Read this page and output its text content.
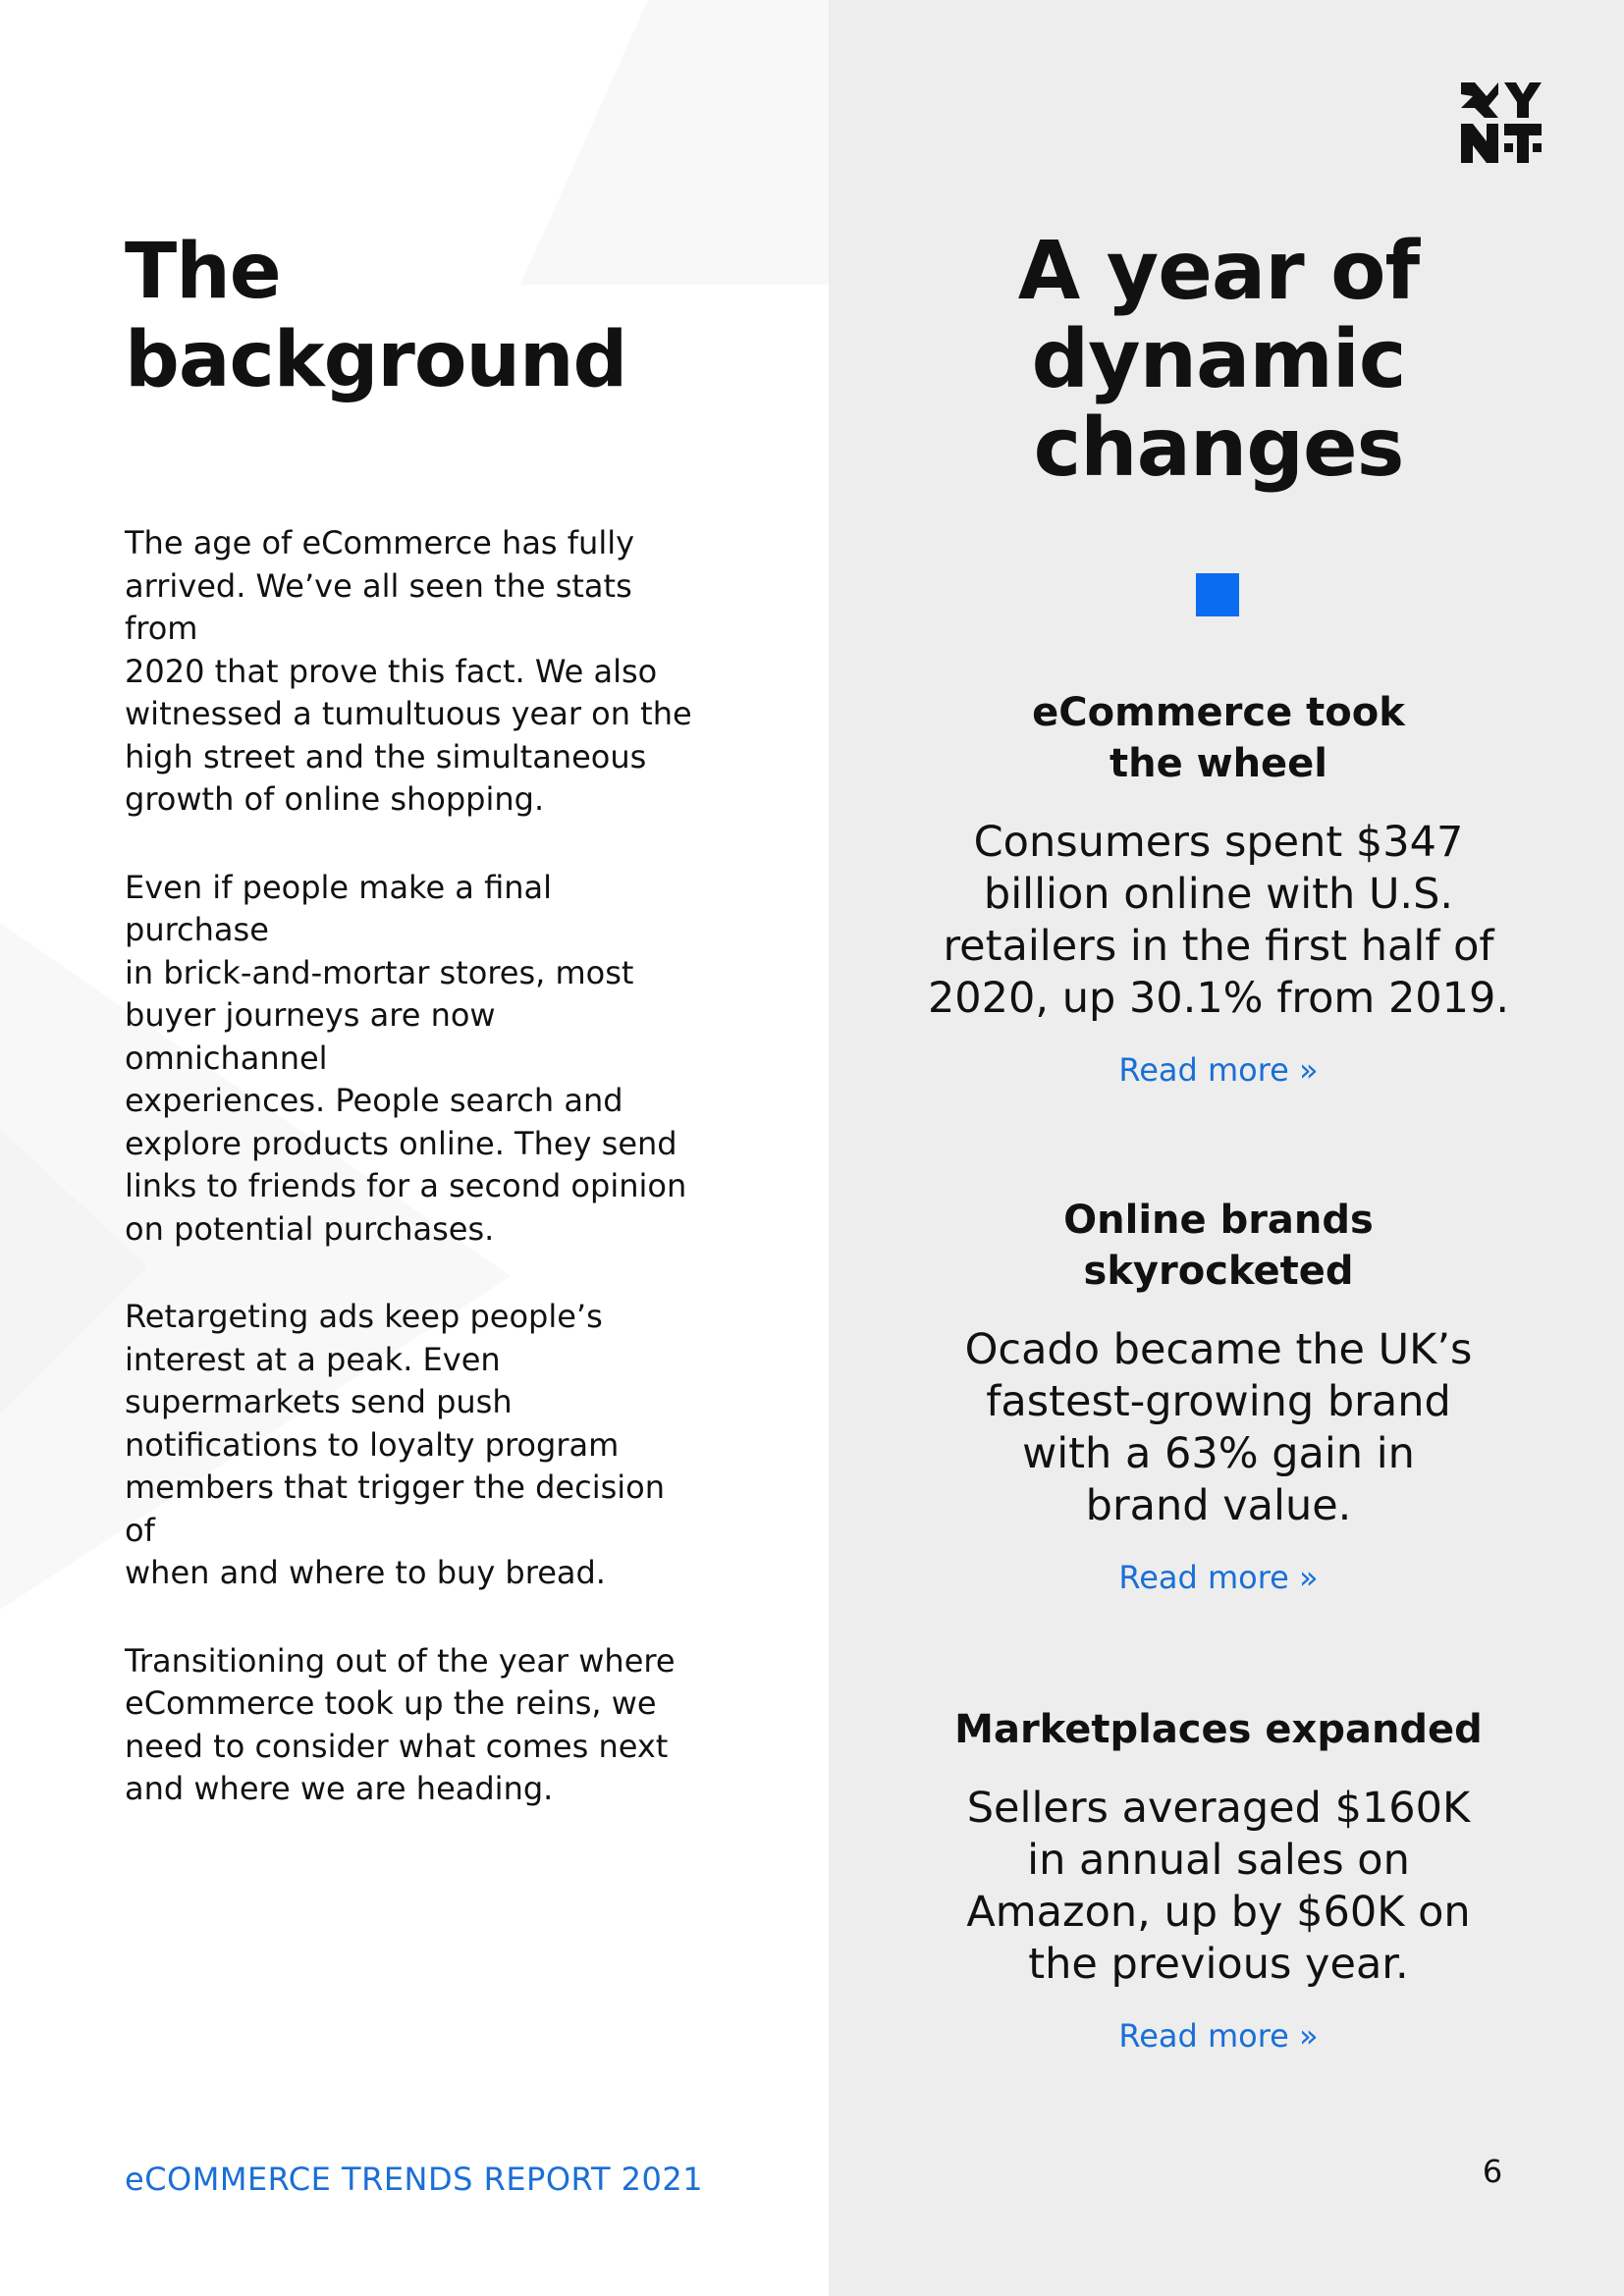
The
background

The age of eCommerce has fully
arrived. We’ve all seen the stats from
2020 that prove this fact. We also
witnessed a tumultuous year on the
high street and the simultaneous
growth of online shopping.

Even if people make a final purchase
in brick-and-mortar stores, most
buyer journeys are now omnichannel
experiences. People search and
explore products online. They send
links to friends for a second opinion
on potential purchases.

Retargeting ads keep people’s
interest at a peak. Even
supermarkets send push
notifications to loyalty program
members that trigger the decision of
when and where to buy bread.

Transitioning out of the year where
eCommerce took up the reins, we
need to consider what comes next
and where we are heading.

A year of
dynamic
changes

eCommerce took
the wheel

Consumers spent $347
billion online with U.S.
retailers in the first half of
2020, up 30.1% from 2019.

Read more »

Online brands
skyrocketed

Ocado became the UK’s
fastest-growing brand
with a 63% gain in
brand value.

Read more »

Marketplaces expanded

Sellers averaged $160K
in annual sales on
Amazon, up by $60K on
the previous year.

Read more »
eCOMMERCE TRENDS REPORT 2021	6
